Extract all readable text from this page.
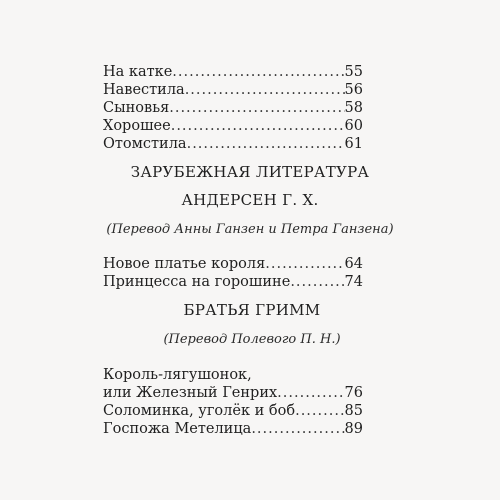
На катке .....	55
Навестила .....	56
Сыновья .....	58
Хорошее .....	60
Отомстила .....	61
ЗАРУБЕЖНАЯ ЛИТЕРАТУРА
АНДЕРСЕН Г. Х.
(Перевод Анны Ганзен и Петра Ганзена)
Новое платье короля .....	64
Принцесса на горошине .....	74
БРАТЬЯ ГРИММ
(Перевод Полевого П. Н.)
Король-лягушонок,
или Железный Генрих .....	76
Соломинка, уголёк и боб .....	85
Госпожа Метелица .....	89
